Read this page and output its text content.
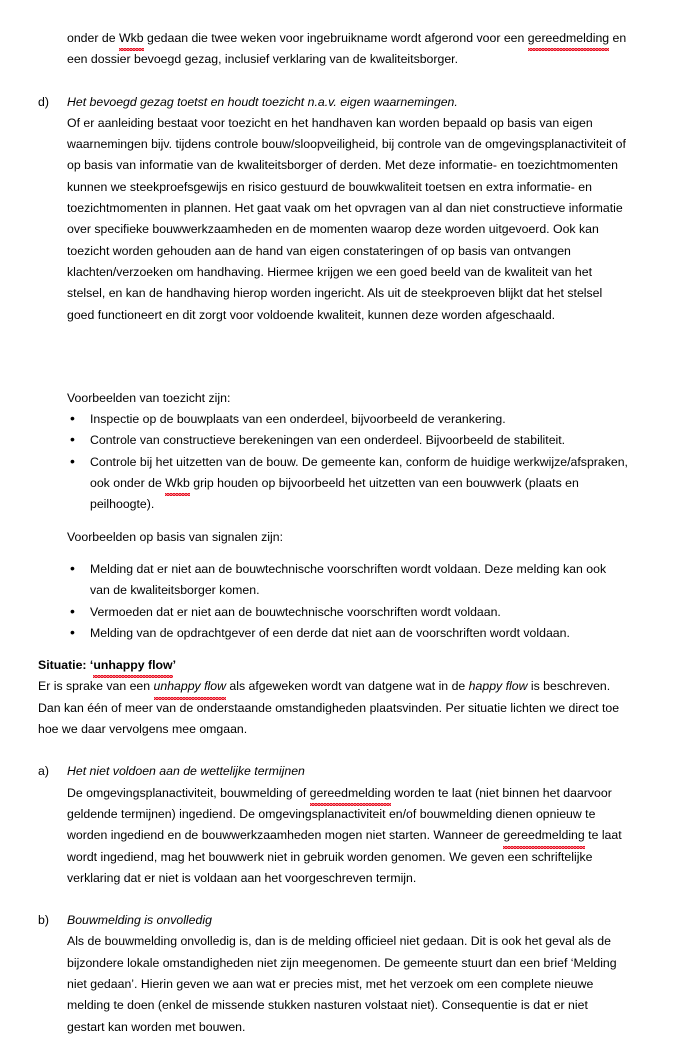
onder de Wkb gedaan die twee weken voor ingebruikname wordt afgerond voor een gereedmelding en een dossier bevoegd gezag, inclusief verklaring van de kwaliteitsborger.

d)	Het bevoegd gezag toetst en houdt toezicht n.a.v. eigen waarnemingen.
Of er aanleiding bestaat voor toezicht en het handhaven kan worden bepaald op basis van eigen waarnemingen bijv. tijdens controle bouw/sloopveiligheid, bij controle van de omgevingsplanactiviteit of op basis van informatie van de kwaliteitsborger of derden. Met deze informatie- en toezichtmomenten kunnen we steekproefsgewijs en risico gestuurd de bouwkwaliteit toetsen en extra informatie- en toezichtmomenten in plannen. Het gaat vaak om het opvragen van al dan niet constructieve informatie over specifieke bouwwerkzaamheden en de momenten waarop deze worden uitgevoerd. Ook kan toezicht worden gehouden aan de hand van eigen constateringen of op basis van ontvangen klachten/verzoeken om handhaving. Hiermee krijgen we een goed beeld van de kwaliteit van het stelsel, en kan de handhaving hierop worden ingericht. Als uit de steekproeven blijkt dat het stelsel goed functioneert en dit zorgt voor voldoende kwaliteit, kunnen deze worden afgeschaald.

Voorbeelden van toezicht zijn:

• Inspectie op de bouwplaats van een onderdeel, bijvoorbeeld de verankering.
• Controle van constructieve berekeningen van een onderdeel. Bijvoorbeeld de stabiliteit.
• Controle bij het uitzetten van de bouw. De gemeente kan, conform de huidige werkwijze/afspraken, ook onder de Wkb grip houden op bijvoorbeeld het uitzetten van een bouwwerk (plaats en peilhoogte).

Voorbeelden op basis van signalen zijn:

• Melding dat er niet aan de bouwtechnische voorschriften wordt voldaan. Deze melding kan ook van de kwaliteitsborger komen.
• Vermoeden dat er niet aan de bouwtechnische voorschriften wordt voldaan.
• Melding van de opdrachtgever of een derde dat niet aan de voorschriften wordt voldaan.

Situatie: ‘unhappy flow’

Er is sprake van een unhappy flow als afgeweken wordt van datgene wat in de happy flow is beschreven. Dan kan één of meer van de onderstaande omstandigheden plaatsvinden. Per situatie lichten we direct toe hoe we daar vervolgens mee omgaan.

a)	Het niet voldoen aan de wettelijke termijnen
De omgevingsplanactiviteit, bouwmelding of gereedmelding worden te laat (niet binnen het daarvoor geldende termijnen) ingediend. De omgevingsplanactiviteit en/of bouwmelding dienen opnieuw te worden ingediend en de bouwwerkzaamheden mogen niet starten. Wanneer de gereedmelding te laat wordt ingediend, mag het bouwwerk niet in gebruik worden genomen. We geven een schriftelijke verklaring dat er niet is voldaan aan het voorgeschreven termijn.
b)	Bouwmelding is onvolledig
Als de bouwmelding onvolledig is, dan is de melding officieel niet gedaan. Dit is ook het geval als de bijzondere lokale omstandigheden niet zijn meegenomen. De gemeente stuurt dan een brief ‘Melding niet gedaan’. Hierin geven we aan wat er precies mist, met het verzoek om een complete nieuwe melding te doen (enkel de missende stukken nasturen volstaat niet). Consequentie is dat er niet gestart kan worden met bouwen.
